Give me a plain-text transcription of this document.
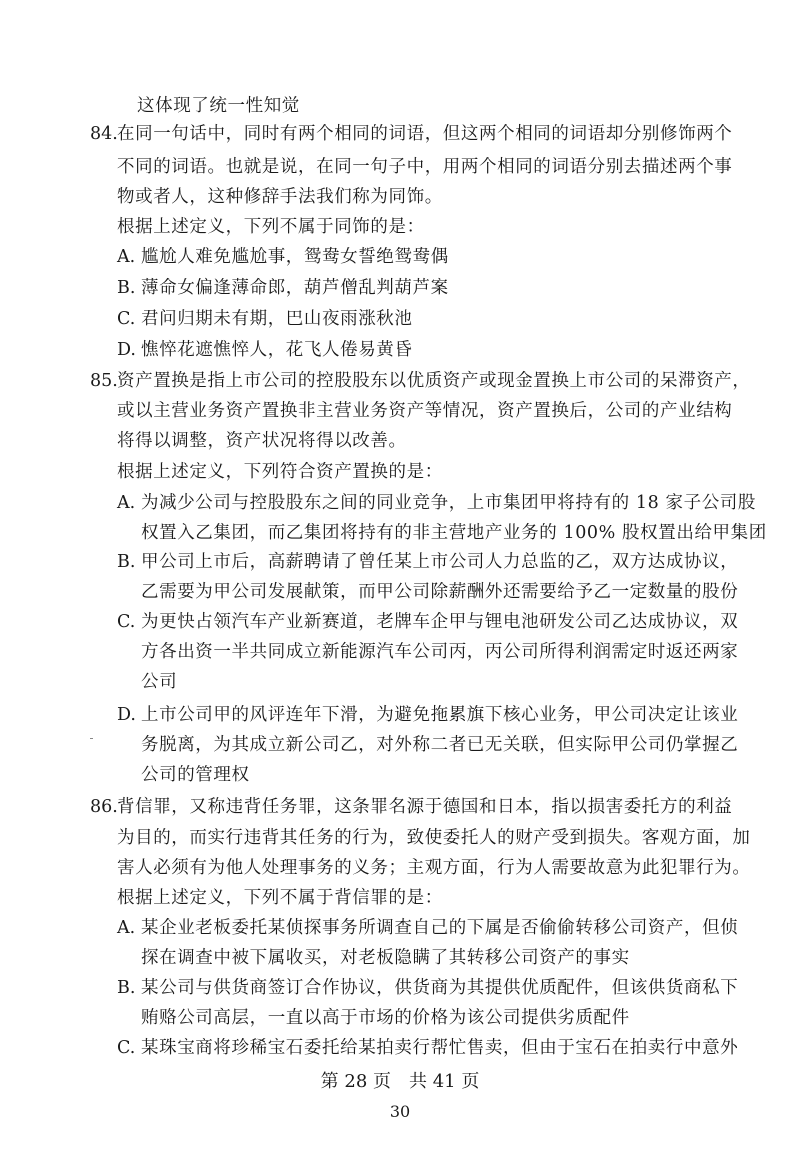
这体现了统一性知觉
84. 在同一句话中，同时有两个相同的词语，但这两个相同的词语却分别修饰两个
不同的词语。也就是说，在同一句子中，用两个相同的词语分别去描述两个事
物或者人，这种修辞手法我们称为同饰。
根据上述定义，下列不属于同饰的是：
A. 尴尬人难免尴尬事，鸳鸯女誓绝鸳鸯偶
B. 薄命女偏逢薄命郎，葫芦僧乱判葫芦案
C. 君问归期未有期，巴山夜雨涨秋池
D. 憔悴花遮憔悴人，花飞人倦易黄昏
85. 资产置换是指上市公司的控股股东以优质资产或现金置换上市公司的呆滞资产，
或以主营业务资产置换非主营业务资产等情况，资产置换后，公司的产业结构
将得以调整，资产状况将得以改善。
根据上述定义，下列符合资产置换的是：
A. 为减少公司与控股股东之间的同业竞争，上市集团甲将持有的 18 家子公司股
权置入乙集团，而乙集团将持有的非主营地产业务的 100% 股权置出给甲集团
B. 甲公司上市后，高薪聘请了曾任某上市公司人力总监的乙，双方达成协议，
乙需要为甲公司发展献策，而甲公司除薪酬外还需要给予乙一定数量的股份
C. 为更快占领汽车产业新赛道，老牌车企甲与锂电池研发公司乙达成协议，双
方各出资一半共同成立新能源汽车公司丙，丙公司所得利润需定时返还两家
公司
D. 上市公司甲的风评连年下滑，为避免拖累旗下核心业务，甲公司决定让该业
务脱离，为其成立新公司乙，对外称二者已无关联，但实际甲公司仍掌握乙
公司的管理权
86. 背信罪，又称违背任务罪，这条罪名源于德国和日本，指以损害委托方的利益
为目的，而实行违背其任务的行为，致使委托人的财产受到损失。客观方面，加
害人必须有为他人处理事务的义务；主观方面，行为人需要故意为此犯罪行为。
根据上述定义，下列不属于背信罪的是：
A. 某企业老板委托某侦探事务所调查自己的下属是否偷偷转移公司资产，但侦
探在调查中被下属收买，对老板隐瞒了其转移公司资产的事实
B. 某公司与供货商签订合作协议，供货商为其提供优质配件，但该供货商私下
贿赂公司高层，一直以高于市场的价格为该公司提供劣质配件
C. 某珠宝商将珍稀宝石委托给某拍卖行帮忙售卖，但由于宝石在拍卖行中意外
第 28 页　共 41 页
30
